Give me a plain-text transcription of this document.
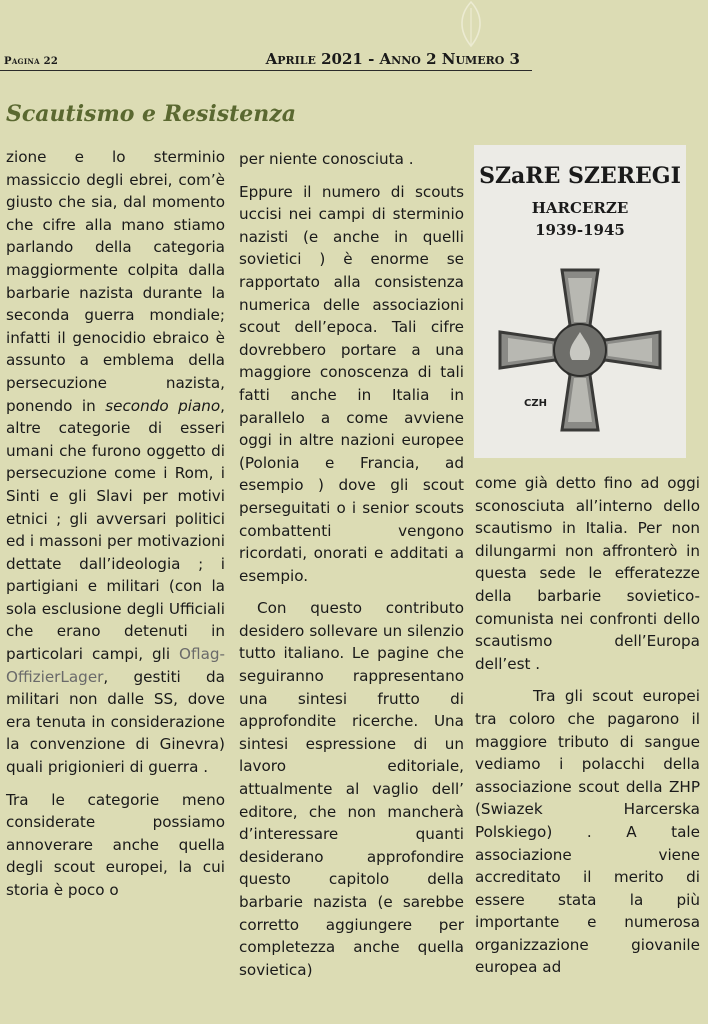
Pagina 22	Aprile 2021 - Anno 2 Numero 3
Scautismo e Resistenza

zione e lo sterminio massiccio degli ebrei, com’è giusto che sia, dal momento che cifre alla mano stiamo parlando della categoria maggiormente colpita dalla barbarie nazista durante la seconda guerra mondiale; infatti il genocidio ebraico è assunto a emblema della persecuzione nazista, ponendo in secondo piano, altre categorie di esseri umani che furono oggetto di persecuzione come i Rom, i Sinti e gli Slavi per motivi etnici ; gli avversari politici ed i massoni per motivazioni dettate dall’ideologia ; i partigiani e militari (con la sola esclusione degli Ufficiali che erano detenuti in particolari campi, gli Oflag-OffizierLager, gestiti da militari non dalle SS, dove era tenuta in considerazione la convenzione di Ginevra) quali prigionieri di guerra .

Tra le categorie meno considerate possiamo annoverare anche quella degli scout europei, la cui storia è poco o

per niente conosciuta .

Eppure il numero di scouts uccisi nei campi di sterminio nazisti (e anche in quelli sovietici ) è enorme se rapportato alla consistenza numerica delle associazioni scout dell’epoca. Tali cifre dovrebbero portare a una maggiore conoscenza di tali fatti anche in Italia in parallelo a come avviene oggi in altre nazioni europee (Polonia e Francia, ad esempio ) dove gli scout perseguitati o i senior scouts combattenti vengono ricordati, onorati e additati a esempio.

Con questo contributo desidero sollevare un silenzio tutto italiano. Le pagine che seguiranno rappresentano una sintesi frutto di approfondite ricerche. Una sintesi espressione di un lavoro editoriale, attualmente al vaglio dell’ editore, che non mancherà d’interessare quanti desiderano approfondire questo capitolo della barbarie nazista (e sarebbe corretto aggiungere per completezza anche quella sovietica)

SZaRE SZEREGI
HARCERZE
1939-1945
CZH

come già detto fino ad oggi sconosciuta all’interno dello scautismo in Italia. Per non dilungarmi non affronterò in questa sede le efferatezze della barbarie sovietico-comunista nei confronti dello scautismo dell’Europa dell’est .

Tra gli scout europei tra coloro che pagarono il maggiore tributo di sangue vediamo i polacchi della associazione scout della ZHP (Swiazek Harcerska Polskiego) . A tale associazione viene accreditato il merito di essere stata la più importante e numerosa organizzazione giovanile europea ad
